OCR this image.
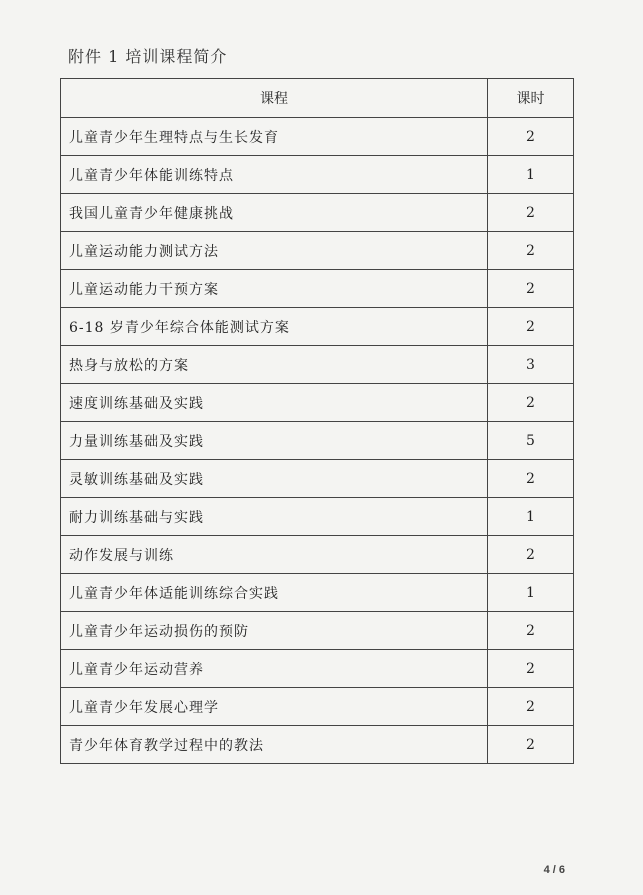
附件 1 培训课程简介
课程	课时
儿童青少年生理特点与生长发育	2
儿童青少年体能训练特点	1
我国儿童青少年健康挑战	2
儿童运动能力测试方法	2
儿童运动能力干预方案	2
6-18 岁青少年综合体能测试方案	2
热身与放松的方案	3
速度训练基础及实践	2
力量训练基础及实践	5
灵敏训练基础及实践	2
耐力训练基础与实践	1
动作发展与训练	2
儿童青少年体适能训练综合实践	1
儿童青少年运动损伤的预防	2
儿童青少年运动营养	2
儿童青少年发展心理学	2
青少年体育教学过程中的教法	2
4 / 6
